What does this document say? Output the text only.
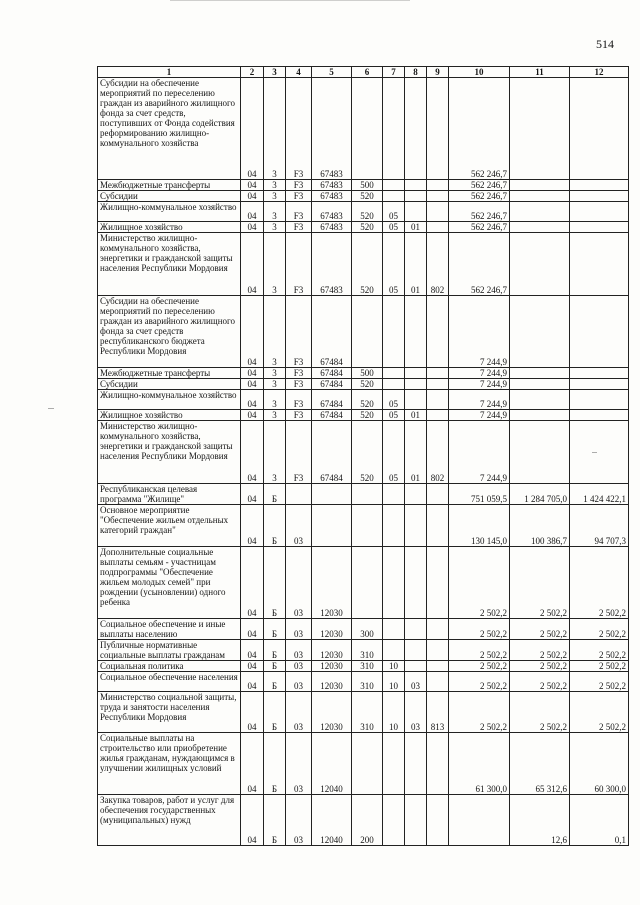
514
1	2	3	4	5	6	7	8	9	10	11	12
Субсидии на обеспечение мероприятий по переселению граждан из аварийного жилищного фонда за счет средств, поступивших от Фонда содействия реформированию жилищно-коммунального хозяйства	04	3	F3	67483					562 246,7		
Межбюджетные трансферты	04	3	F3	67483	500				562 246,7		
Субсидии	04	3	F3	67483	520				562 246,7		
Жилищно-коммунальное хозяйство	04	3	F3	67483	520	05			562 246,7		
Жилищное хозяйство	04	3	F3	67483	520	05	01		562 246,7		
Министерство жилищно-коммунального хозяйства, энергетики и гражданской защиты населения Республики Мордовия	04	3	F3	67483	520	05	01	802	562 246,7		
Субсидии на обеспечение мероприятий по переселению граждан из аварийного жилищного фонда за счет средств республиканского бюджета Республики Мордовия	04	3	F3	67484					7 244,9		
Межбюджетные трансферты	04	3	F3	67484	500				7 244,9		
Субсидии	04	3	F3	67484	520				7 244,9		
Жилищно-коммунальное хозяйство	04	3	F3	67484	520	05			7 244,9		
Жилищное хозяйство	04	3	F3	67484	520	05	01		7 244,9		
Министерство жилищно-коммунального хозяйства, энергетики и гражданской защиты населения Республики Мордовия	04	3	F3	67484	520	05	01	802	7 244,9		
Республиканская целевая программа "Жилище"	04	Б							751 059,5	1 284 705,0	1 424 422,1
Основное мероприятие "Обеспечение жильем отдельных категорий граждан"	04	Б	03						130 145,0	100 386,7	94 707,3
Дополнительные социальные выплаты семьям - участницам подпрограммы "Обеспечение жильем молодых семей" при рождении (усыновлении) одного ребенка	04	Б	03	12030					2 502,2	2 502,2	2 502,2
Социальное обеспечение и иные выплаты населению	04	Б	03	12030	300				2 502,2	2 502,2	2 502,2
Публичные нормативные социальные выплаты гражданам	04	Б	03	12030	310				2 502,2	2 502,2	2 502,2
Социальная политика	04	Б	03	12030	310	10			2 502,2	2 502,2	2 502,2
Социальное обеспечение населения	04	Б	03	12030	310	10	03		2 502,2	2 502,2	2 502,2
Министерство социальной защиты, труда и занятости населения Республики Мордовия	04	Б	03	12030	310	10	03	813	2 502,2	2 502,2	2 502,2
Социальные выплаты на строительство или приобретение жилья гражданам, нуждающимся в улучшении жилищных условий	04	Б	03	12040					61 300,0	65 312,6	60 300,0
Закупка товаров, работ и услуг для обеспечения государственных (муниципальных) нужд	04	Б	03	12040	200					12,6	0,1
